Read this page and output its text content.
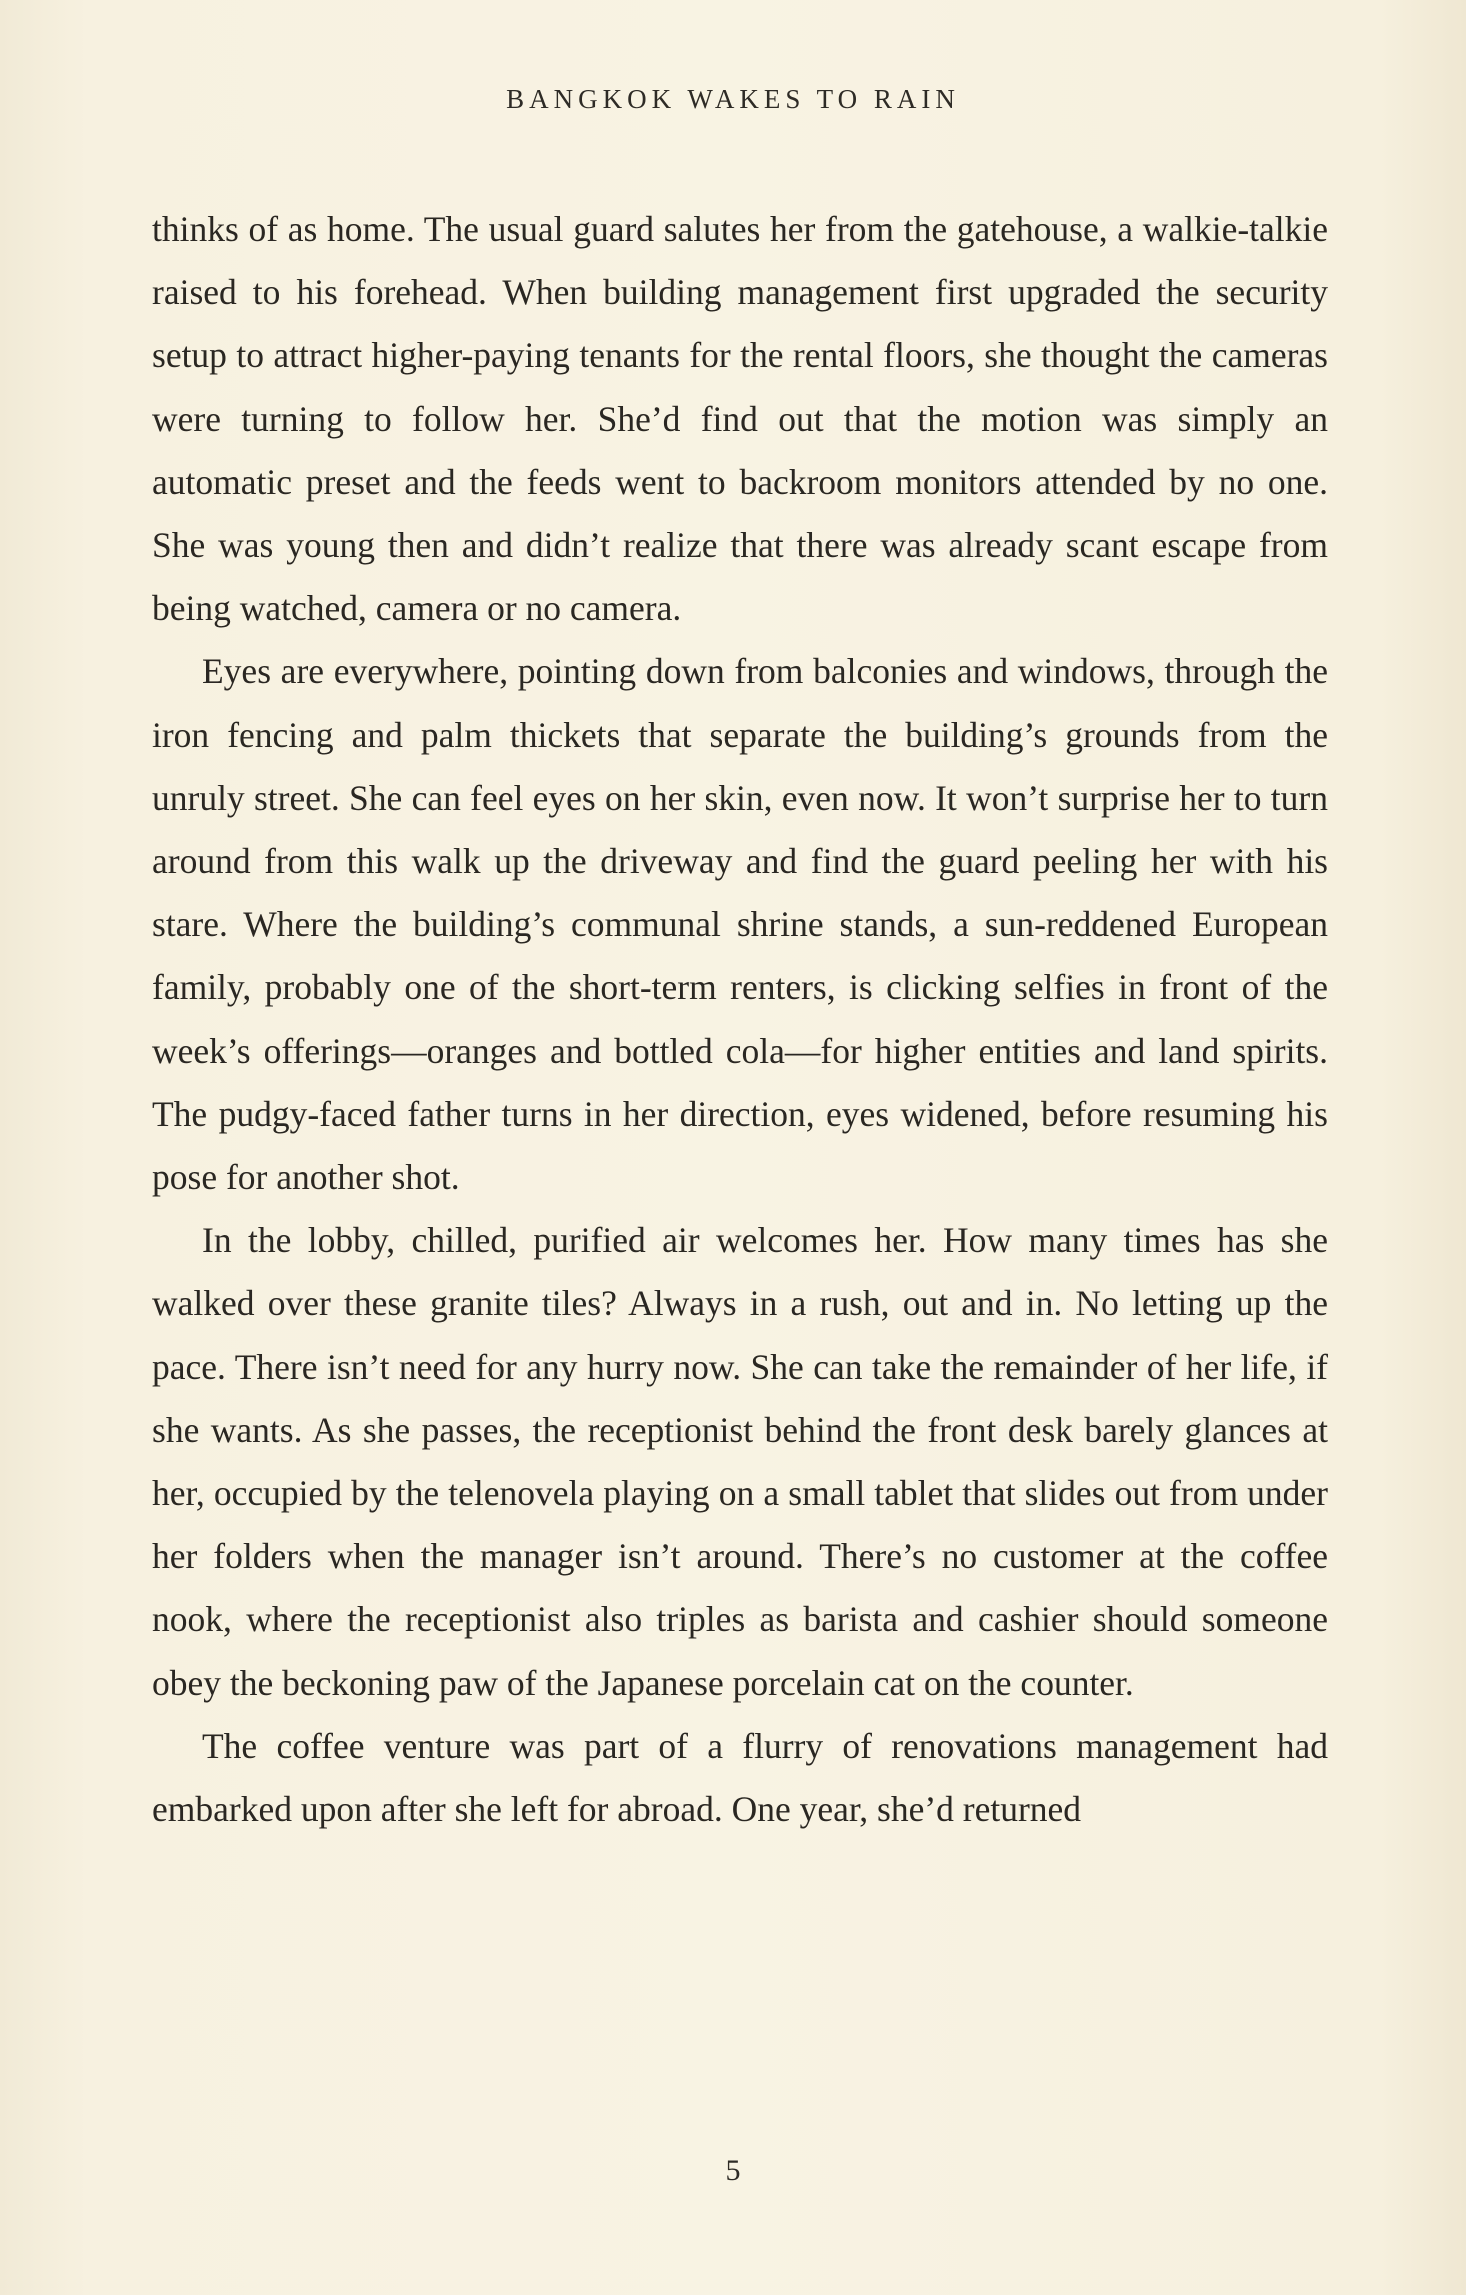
BANGKOK WAKES TO RAIN

thinks of as home. The usual guard salutes her from the gatehouse, a walkie-talkie raised to his forehead. When building management first upgraded the security setup to attract higher-paying tenants for the rental floors, she thought the cameras were turning to follow her. She’d find out that the motion was simply an automatic preset and the feeds went to backroom monitors attended by no one. She was young then and didn’t realize that there was already scant escape from being watched, camera or no camera.

Eyes are everywhere, pointing down from balconies and windows, through the iron fencing and palm thickets that separate the building’s grounds from the unruly street. She can feel eyes on her skin, even now. It won’t surprise her to turn around from this walk up the driveway and find the guard peeling her with his stare. Where the building’s communal shrine stands, a sun-reddened European family, probably one of the short-term renters, is clicking selfies in front of the week’s offerings—oranges and bottled cola—for higher entities and land spirits. The pudgy-faced father turns in her direction, eyes widened, before resuming his pose for another shot.

In the lobby, chilled, purified air welcomes her. How many times has she walked over these granite tiles? Always in a rush, out and in. No letting up the pace. There isn’t need for any hurry now. She can take the remainder of her life, if she wants. As she passes, the receptionist behind the front desk barely glances at her, occupied by the telenovela playing on a small tablet that slides out from under her folders when the manager isn’t around. There’s no customer at the coffee nook, where the receptionist also triples as barista and cashier should someone obey the beckoning paw of the Japanese porcelain cat on the counter.

The coffee venture was part of a flurry of renovations management had embarked upon after she left for abroad. One year, she’d returned

5
